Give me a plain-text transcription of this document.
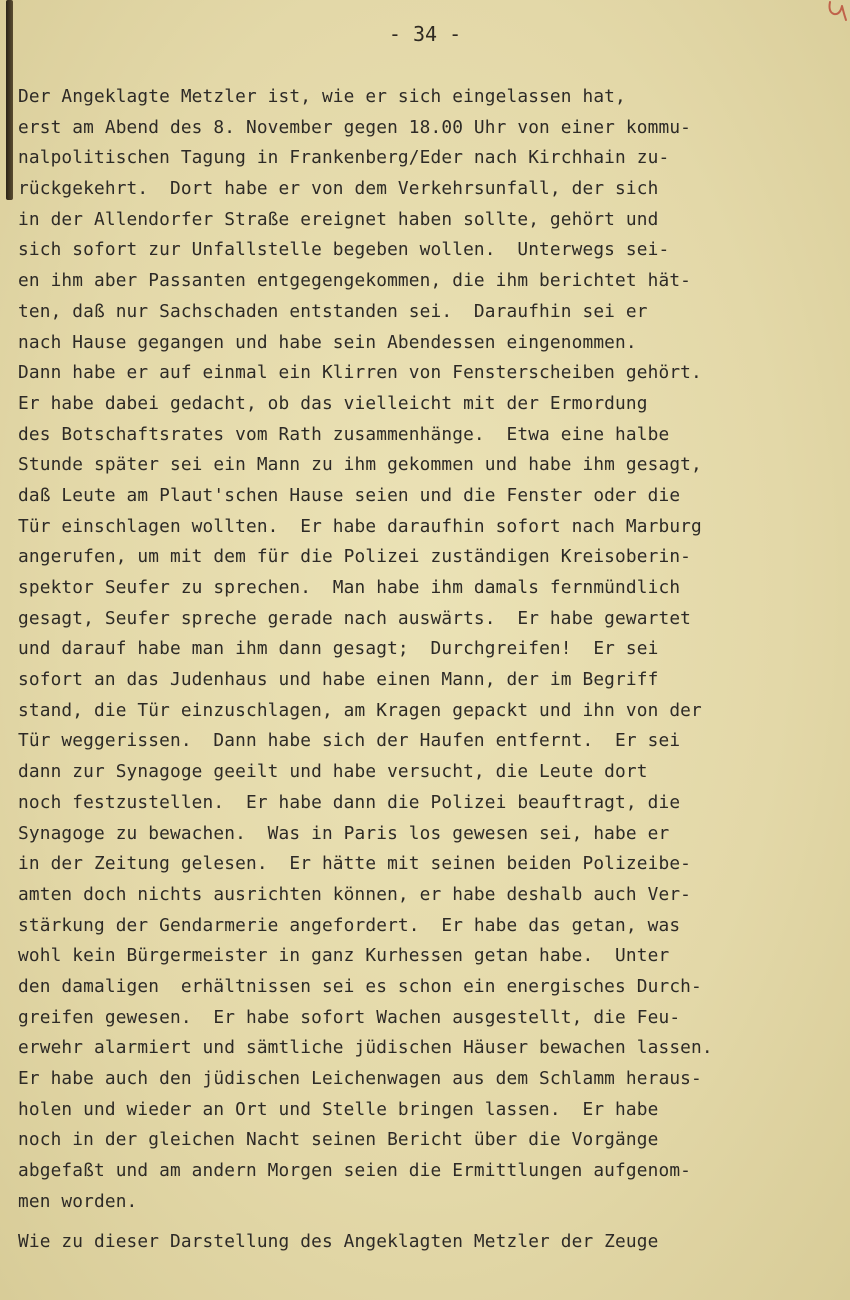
- 34 -
Der Angeklagte Metzler ist, wie er sich eingelassen hat,
erst am Abend des 8. November gegen 18.00 Uhr von einer kommu-
nalpolitischen Tagung in Frankenberg/Eder nach Kirchhain zu-
rückgekehrt.  Dort habe er von dem Verkehrsunfall, der sich
in der Allendorfer Straße ereignet haben sollte, gehört und
sich sofort zur Unfallstelle begeben wollen.  Unterwegs sei-
en ihm aber Passanten entgegengekommen, die ihm berichtet hät-
ten, daß nur Sachschaden entstanden sei.  Daraufhin sei er
nach Hause gegangen und habe sein Abendessen eingenommen.
Dann habe er auf einmal ein Klirren von Fensterscheiben gehört.
Er habe dabei gedacht, ob das vielleicht mit der Ermordung
des Botschaftsrates vom Rath zusammenhänge.  Etwa eine halbe
Stunde später sei ein Mann zu ihm gekommen und habe ihm gesagt,
daß Leute am Plaut'schen Hause seien und die Fenster oder die
Tür einschlagen wollten.  Er habe daraufhin sofort nach Marburg
angerufen, um mit dem für die Polizei zuständigen Kreisoberin-
spektor Seufer zu sprechen.  Man habe ihm damals fernmündlich
gesagt, Seufer spreche gerade nach auswärts.  Er habe gewartet
und darauf habe man ihm dann gesagt;  Durchgreifen!  Er sei
sofort an das Judenhaus und habe einen Mann, der im Begriff
stand, die Tür einzuschlagen, am Kragen gepackt und ihn von der
Tür weggerissen.  Dann habe sich der Haufen entfernt.  Er sei
dann zur Synagoge geeilt und habe versucht, die Leute dort
noch festzustellen.  Er habe dann die Polizei beauftragt, die
Synagoge zu bewachen.  Was in Paris los gewesen sei, habe er
in der Zeitung gelesen.  Er hätte mit seinen beiden Polizeibe-
amten doch nichts ausrichten können, er habe deshalb auch Ver-
stärkung der Gendarmerie angefordert.  Er habe das getan, was
wohl kein Bürgermeister in ganz Kurhessen getan habe.  Unter
den damaligen  erhältnissen sei es schon ein energisches Durch-
greifen gewesen.  Er habe sofort Wachen ausgestellt, die Feu-
erwehr alarmiert und sämtliche jüdischen Häuser bewachen lassen.
Er habe auch den jüdischen Leichenwagen aus dem Schlamm heraus-
holen und wieder an Ort und Stelle bringen lassen.  Er habe
noch in der gleichen Nacht seinen Bericht über die Vorgänge
abgefaßt und am andern Morgen seien die Ermittlungen aufgenom-
men worden.
Wie zu dieser Darstellung des Angeklagten Metzler der Zeuge
